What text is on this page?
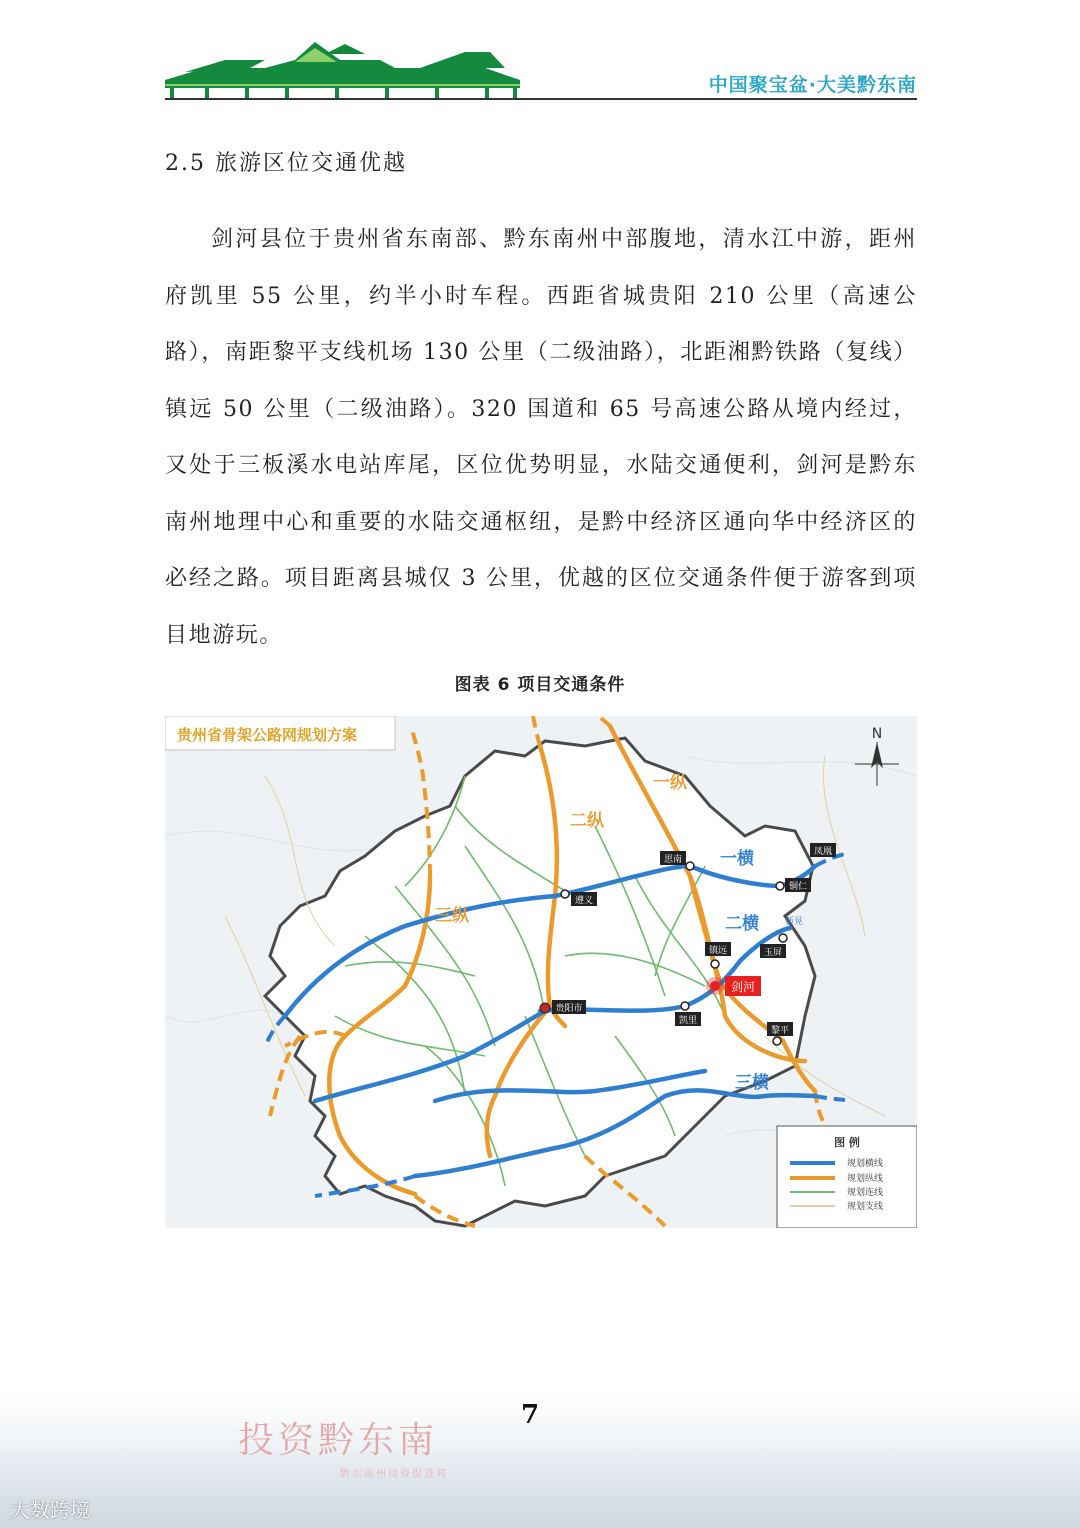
中国聚宝盆·大美黔东南
2.5 旅游区位交通优越

剑河县位于贵州省东南部、黔东南州中部腹地，清水江中游，距州府凯里 55 公里，约半小时车程。西距省城贵阳 210 公里（高速公路），南距黎平支线机场 130 公里（二级油路），北距湘黔铁路（复线）镇远 50 公里（二级油路）。320 国道和 65 号高速公路从境内经过，又处于三板溪水电站库尾，区位优势明显，水陆交通便利，剑河是黔东南州地理中心和重要的水陆交通枢纽，是黔中经济区通向华中经济区的必经之路。项目距离县城仅 3 公里，优越的区位交通条件便于游客到项目地游玩。

图表 6 项目交通条件
贵州省骨架公路网规划方案	N
一纵
二纵
三纵
一横
二横
三横
凤凰
铜仁
思南
遵义
镇远
新晃
玉屏
贵阳市
凯里
黎平
剑河
图 例
规划横线
规划纵线
规划连线
规划支线
7
投资黔东南
黔东南州投资促进局
大数跨境
